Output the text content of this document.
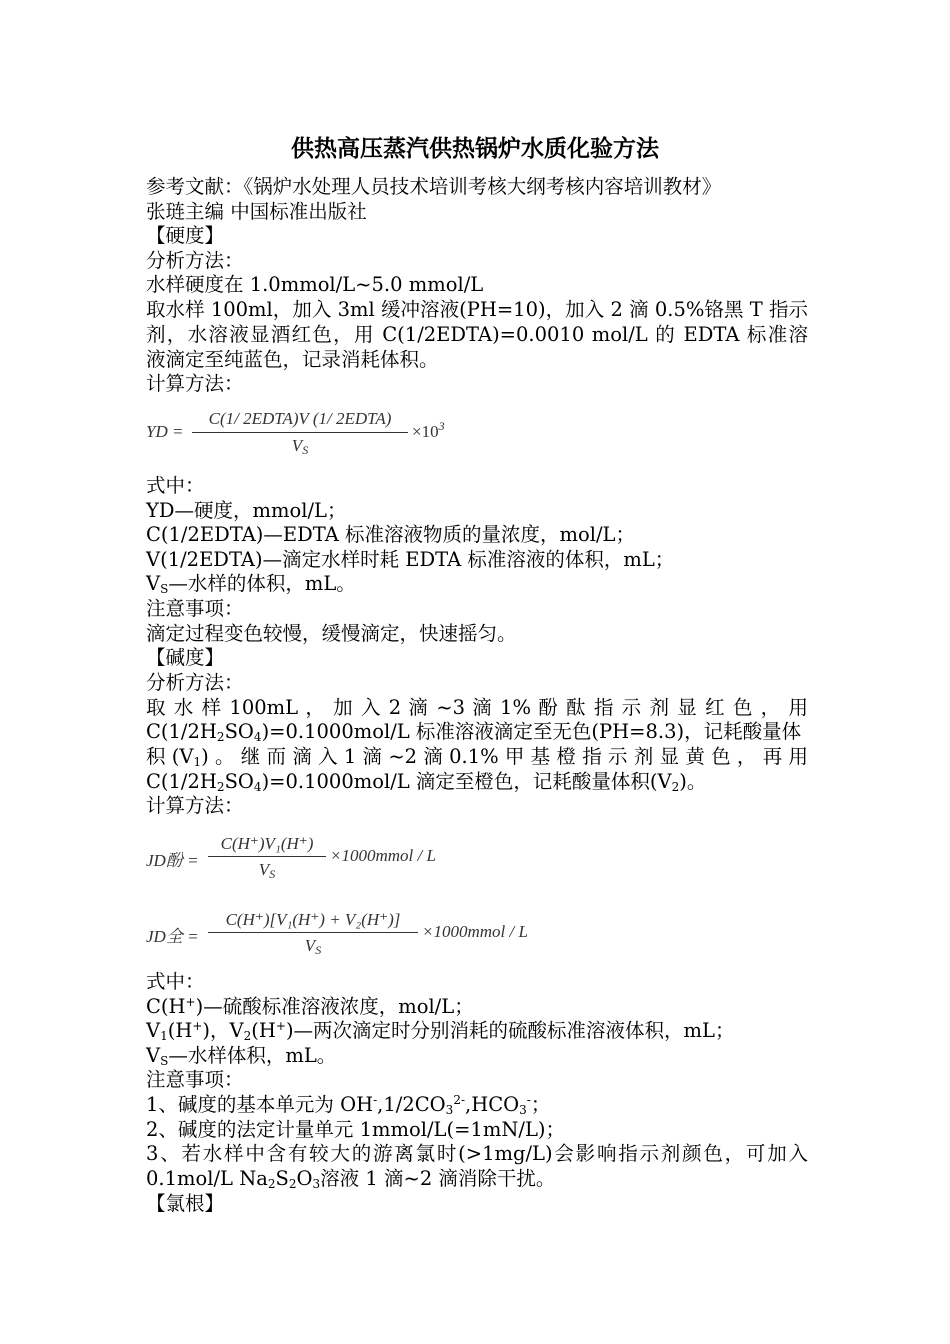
供热高压蒸汽供热锅炉水质化验方法
参考文献：《锅炉水处理人员技术培训考核大纲考核内容培训教材》
张琏主编 中国标准出版社
【硬度】
分析方法：
水样硬度在 1.0mmol/L~5.0 mmol/L
取水样 100ml，加入 3ml 缓冲溶液(PH=10)，加入 2 滴 0.5%铬黑 T 指示
剂，水溶液显酒红色，用 C(1/2EDTA)=0.0010 mol/L 的 EDTA 标准溶
液滴定至纯蓝色，记录消耗体积。
计算方法：
YD =
C(1/ 2EDTA)V (1/ 2EDTA)
$V_S$
$\times 10^3$
式中：
YD—硬度，mmol/L；
C(1/2EDTA)—EDTA 标准溶液物质的量浓度，mol/L；
V(1/2EDTA)—滴定水样时耗 EDTA 标准溶液的体积，mL；
$V_S—$水样的体积，mL。
注意事项：
滴定过程变色较慢，缓慢滴定，快速摇匀。
【碱度】
分析方法：
取 水 样 100mL ， 加 入 2 滴 ~3 滴 1% 酚 酞 指 示 剂 显 红 色 ， 用
$C(1/2H_2SO_4)=0.1000mol/L$ 标准溶液滴定至无色(PH=8.3)，记耗酸量体
积 $(V_1)$ 。 继 而 滴 入 1 滴 ~2 滴 0.1% 甲 基 橙 指 示 剂 显 黄 色 ， 再 用
$C(1/2H_2SO_4)=0.1000mol/L$ 滴定至橙色，记耗酸量体积$(V_2)$。
计算方法：
JD酚 =
C(H⁺)V₁(H⁺)
$V_S$
×1000mmol / L
JD全 =
C(H⁺)[V₁(H⁺) + V₂(H⁺)]
$V_S$
×1000mmol / L
式中：
C(H+)—硫酸标准溶液浓度，mol/L；
$V_1(H^+)$，$V_2(H^+)—$两次滴定时分别消耗的硫酸标准溶液体积，mL；
$V_S—$水样体积，mL。
注意事项：
1、碱度的基本单元为 $OH^-,1/2CO_3^{2-},HCO_3^-$；
2、碱度的法定计量单元 1mmol/L(=1mN/L)；
3、若水样中含有较大的游离氯时(>1mg/L)会影响指示剂颜色，可加入
0.1mol/L $Na_2S_2O_3$溶液 1 滴~2 滴消除干扰。
【氯根】
